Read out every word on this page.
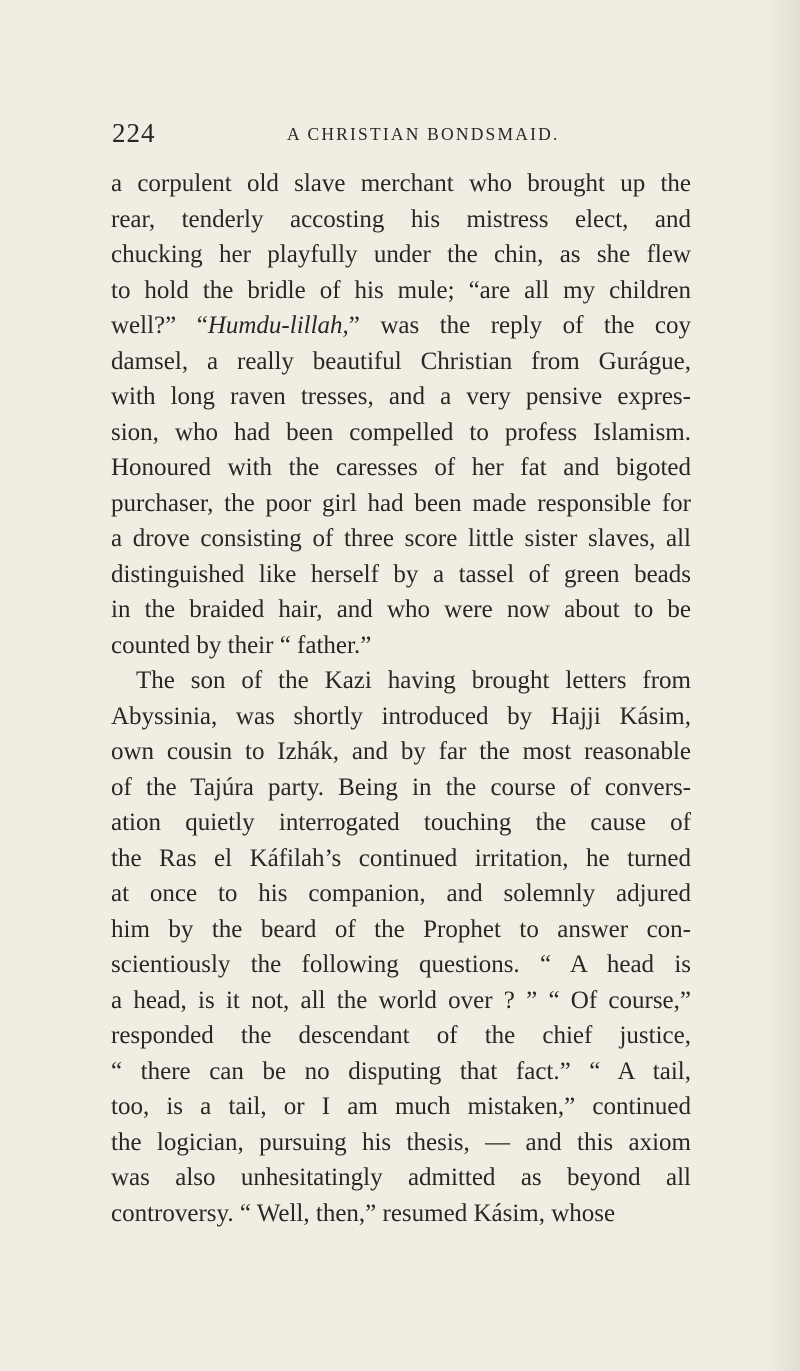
224	A CHRISTIAN BONDSMAID.
a corpulent old slave merchant who brought up the
rear, tenderly accosting his mistress elect, and
chucking her playfully under the chin, as she flew
to hold the bridle of his mule; “are all my children
well?” “Humdu-lillah,” was the reply of the coy
damsel, a really beautiful Christian from Gurágue,
with long raven tresses, and a very pensive expres-
sion, who had been compelled to profess Islamism.
Honoured with the caresses of her fat and bigoted
purchaser, the poor girl had been made responsible for
a drove consisting of three score little sister slaves, all
distinguished like herself by a tassel of green beads
in the braided hair, and who were now about to be
counted by their “ father.”
The son of the Kazi having brought letters from
Abyssinia, was shortly introduced by Hajji Kásim,
own cousin to Izhák, and by far the most reasonable
of the Tajúra party. Being in the course of convers-
ation quietly interrogated touching the cause of
the Ras el Káfilah’s continued irritation, he turned
at once to his companion, and solemnly adjured
him by the beard of the Prophet to answer con-
scientiously the following questions. “ A head is
a head, is it not, all the world over ? ” “ Of course,”
responded the descendant of the chief justice,
“ there can be no disputing that fact.” “ A tail,
too, is a tail, or I am much mistaken,” continued
the logician, pursuing his thesis, — and this axiom
was also unhesitatingly admitted as beyond all
controversy. “ Well, then,” resumed Kásim, whose
